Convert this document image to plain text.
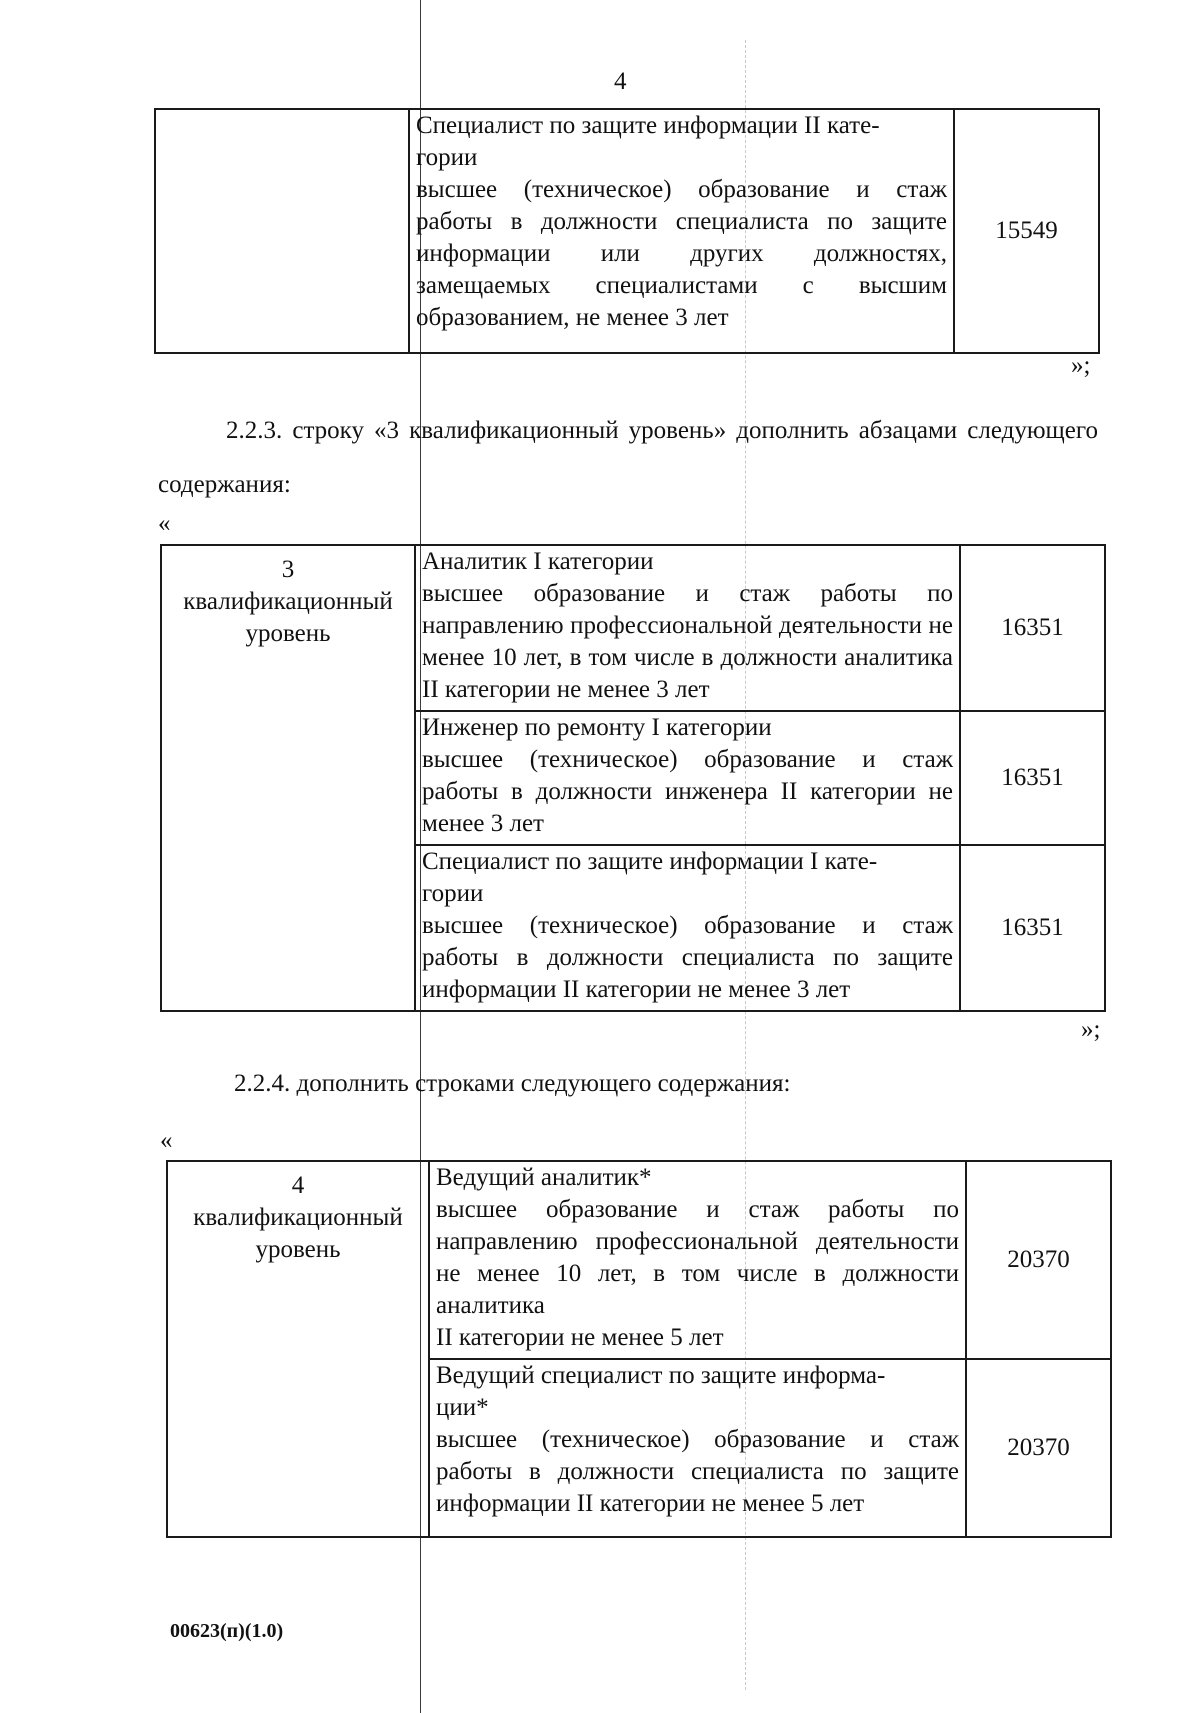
4

Специалист по защите информации II кате-
гории
высшее (техническое) образование и стаж работы в должности специалиста по защите информации или других должностях, замещаемых специалистами с высшим образованием, не менее 3 лет
	15549
»;
2.2.3. строку «3 квалификационный уровень» дополнить абзацами следующего содержания:
«
3
квалификационный
уровень	Аналитик I категории
высшее образование и стаж работы по направлению профессиональной деятельности не менее 10 лет, в том числе в должности аналитика II категории не менее 3 лет	16351

	Инженер по ремонту I категории
высшее (техническое) образование и стаж работы в должности инженера II категории не менее 3 лет	16351

	Специалист по защите информации I кате-
гории
высшее (техническое) образование и стаж работы в должности специалиста по защите информации II категории не менее 3 лет	16351
»;
2.2.4. дополнить строками следующего содержания:
«
4
квалификационный
уровень	Ведущий аналитик*
высшее образование и стаж работы по направлению профессиональной деятельности не менее 10 лет, в том числе в должности аналитика
II категории не менее 5 лет	20370

	Ведущий специалист по защите информа-
ции*
высшее (техническое) образование и стаж работы в должности специалиста по защите информации II категории не менее 5 лет	20370
00623(п)(1.0)
